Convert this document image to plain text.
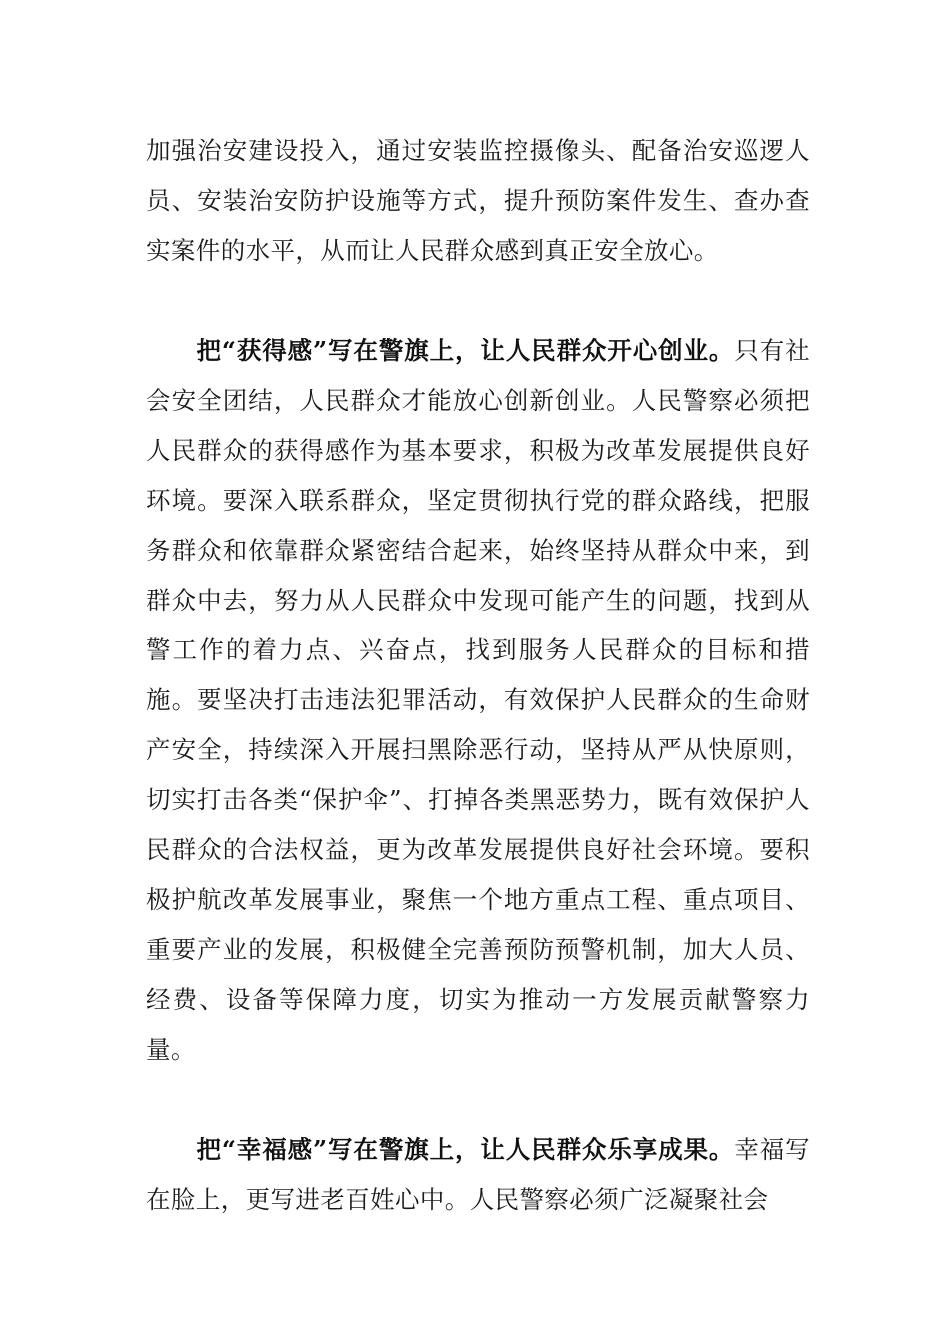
加强治安建设投入，通过安装监控摄像头、配备治安巡逻人员、安装治安防护设施等方式，提升预防案件发生、查办查实案件的水平，从而让人民群众感到真正安全放心。
把“获得感”写在警旗上，让人民群众开心创业。只有社会安全团结，人民群众才能放心创新创业。人民警察必须把人民群众的获得感作为基本要求，积极为改革发展提供良好环境。要深入联系群众，坚定贯彻执行党的群众路线，把服务群众和依靠群众紧密结合起来，始终坚持从群众中来，到群众中去，努力从人民群众中发现可能产生的问题，找到从警工作的着力点、兴奋点，找到服务人民群众的目标和措施。要坚决打击违法犯罪活动，有效保护人民群众的生命财产安全，持续深入开展扫黑除恶行动，坚持从严从快原则，切实打击各类“保护伞”、打掉各类黑恶势力，既有效保护人民群众的合法权益，更为改革发展提供良好社会环境。要积极护航改革发展事业，聚焦一个地方重点工程、重点项目、重要产业的发展，积极健全完善预防预警机制，加大人员、经费、设备等保障力度，切实为推动一方发展贡献警察力量。
把“幸福感”写在警旗上，让人民群众乐享成果。幸福写在脸上，更写进老百姓心中。人民警察必须广泛凝聚社会
